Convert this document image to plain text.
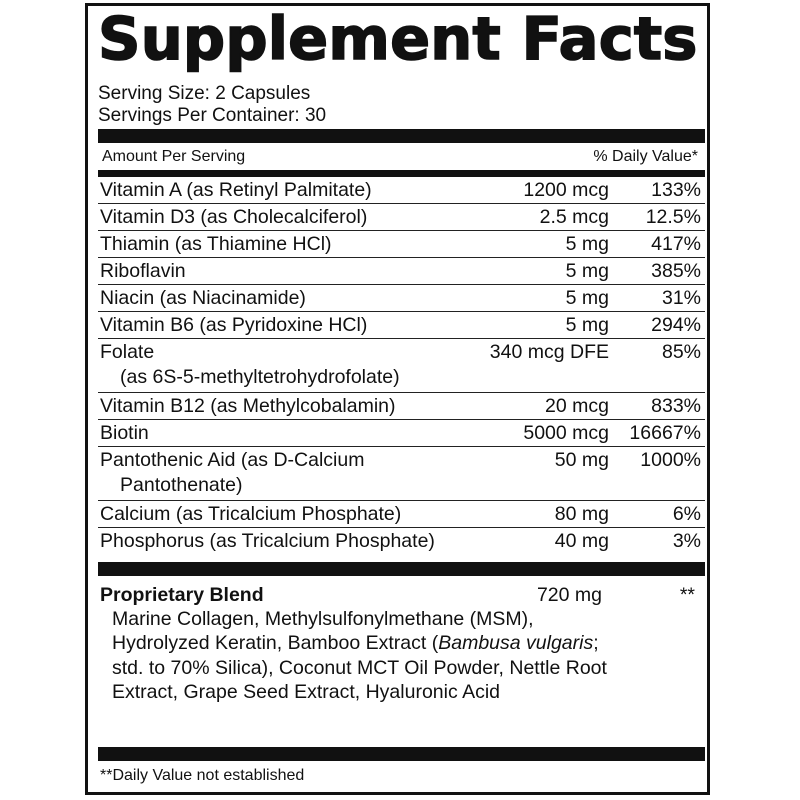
Supplement Facts
Serving Size: 2 Capsules
Servings Per Container: 30
Amount Per Serving	% Daily Value*
Vitamin A (as Retinyl Palmitate)	1200 mcg 133%
Vitamin D3 (as Cholecalciferol)	2.5 mcg 12.5%
Thiamin (as Thiamine HCl)	5 mg 417%
Riboflavin	5 mg 385%
Niacin (as Niacinamide)	5 mg	31%
Vitamin B6 (as Pyridoxine HCl)	5 mg 294%
Folate
(as 6S-5-methyltetrohydrofolate)
340 mcg DFE	85%
Vitamin B12 (as Methylcobalamin)	20 mcg 833%
Biotin	5000 mcg 16667%
Pantothenic Aid (as D-Calcium
Pantothenate)
50 mg 1000%
Calcium (as Tricalcium Phosphate)	80 mg	6%
Phosphorus (as Tricalcium Phosphate)	40 mg	3%
Proprietary Blend	720 mg	**
Marine Collagen, Methylsulfonylmethane (MSM), Hydrolyzed Keratin, Bamboo Extract (Bambusa vulgaris; std. to 70% Silica), Coconut MCT Oil Powder, Nettle Root Extract, Grape Seed Extract, Hyaluronic Acid
**Daily Value not established
